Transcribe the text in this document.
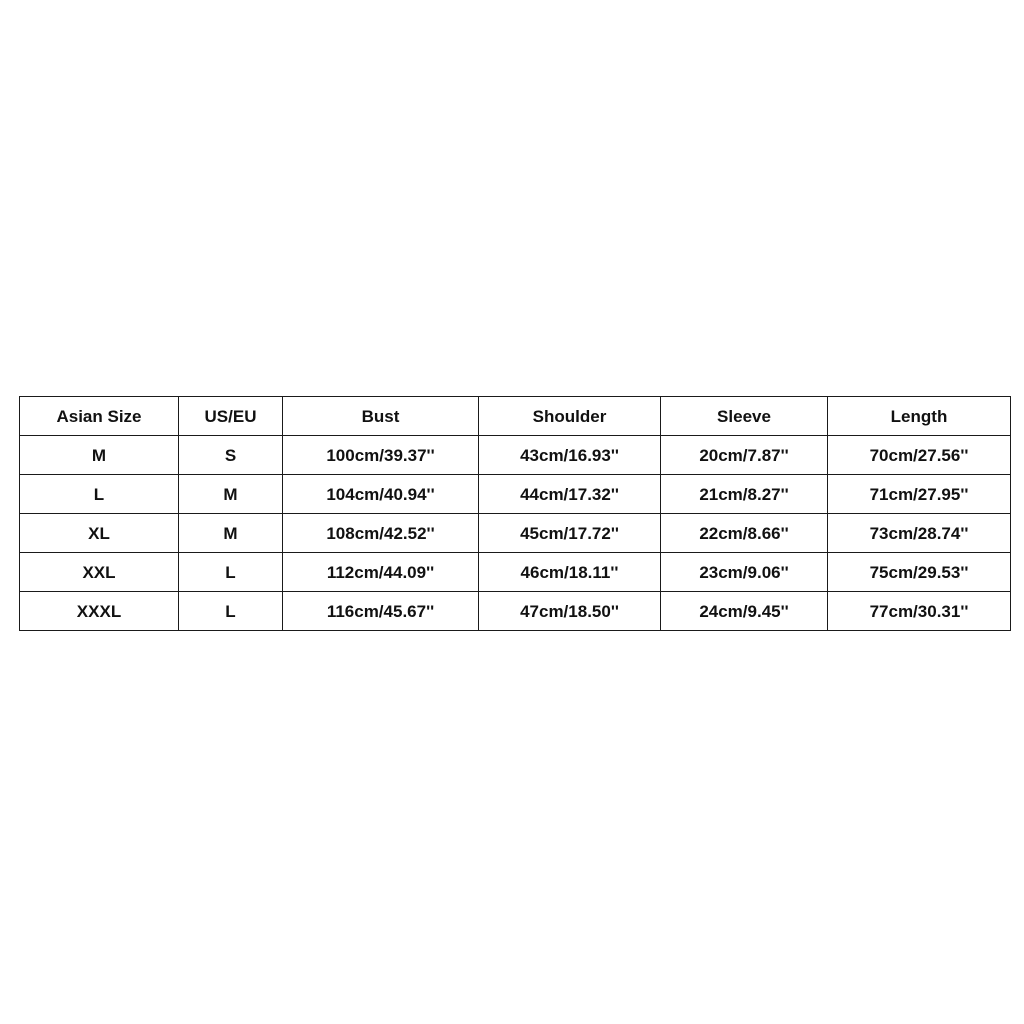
Asian Size	US/EU	Bust	Shoulder	Sleeve	Length
M	S	100cm/39.37''	43cm/16.93''	20cm/7.87''	70cm/27.56''
L	M	104cm/40.94''	44cm/17.32''	21cm/8.27''	71cm/27.95''
XL	M	108cm/42.52''	45cm/17.72''	22cm/8.66''	73cm/28.74''
XXL	L	112cm/44.09''	46cm/18.11''	23cm/9.06''	75cm/29.53''
XXXL	L	116cm/45.67''	47cm/18.50''	24cm/9.45''	77cm/30.31''
